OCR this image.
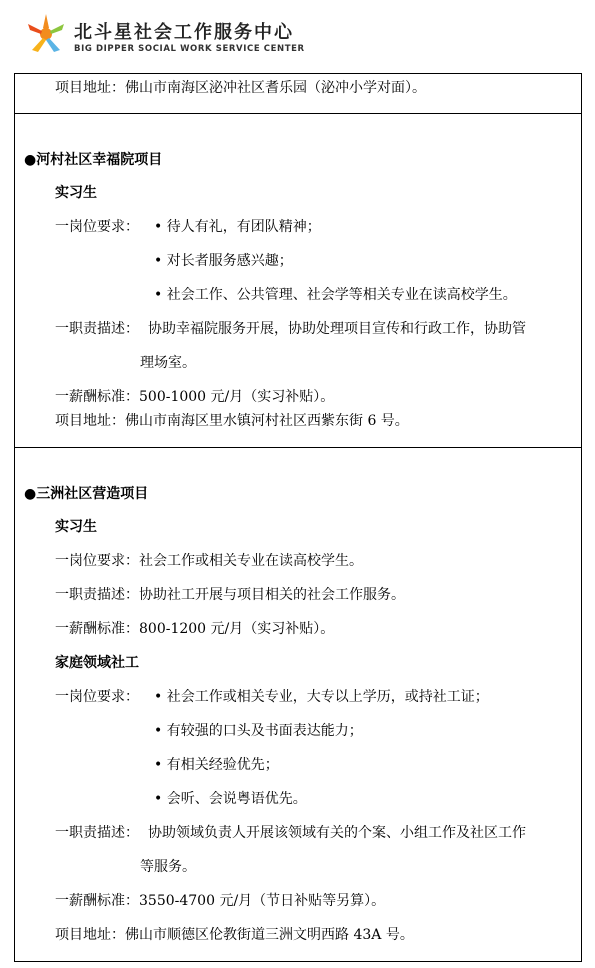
北斗星社会工作服务中心
BIG DIPPER SOCIAL WORK SERVICE CENTER
项目地址：佛山市南海区泌冲社区耆乐园（泌冲小学对面）。
●河村社区幸福院项目
实习生
一岗位要求： • 待人有礼，有团队精神；
• 对长者服务感兴趣；
• 社会工作、公共管理、社会学等相关专业在读高校学生。
一职责描述： 协助幸福院服务开展，协助处理项目宣传和行政工作，协助管
理场室。
一薪酬标准：500-1000 元/月（实习补贴）。
项目地址：佛山市南海区里水镇河村社区西紫东街 6 号。
●三洲社区营造项目
实习生
一岗位要求：社会工作或相关专业在读高校学生。
一职责描述：协助社工开展与项目相关的社会工作服务。
一薪酬标准：800-1200 元/月（实习补贴）。
家庭领域社工
一岗位要求： • 社会工作或相关专业，大专以上学历，或持社工证；
• 有较强的口头及书面表达能力；
• 有相关经验优先；
• 会听、会说粤语优先。
一职责描述： 协助领域负责人开展该领域有关的个案、小组工作及社区工作
等服务。
一薪酬标准：3550-4700 元/月（节日补贴等另算）。
项目地址：佛山市顺德区伦教街道三洲文明西路 43A 号。
